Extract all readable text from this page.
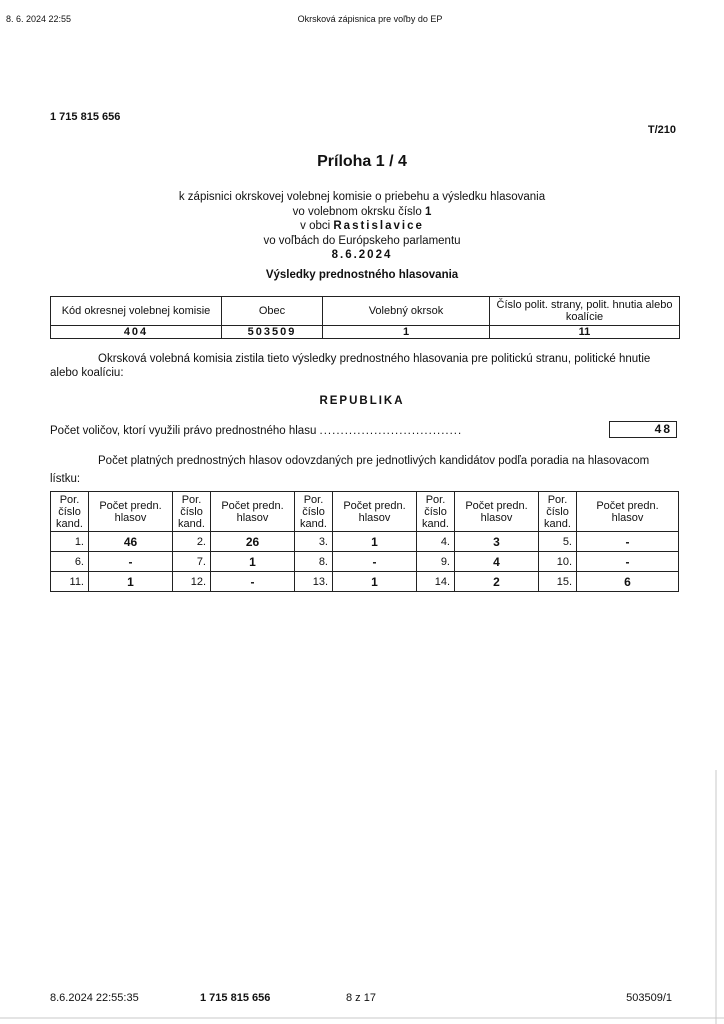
8. 6. 2024 22:55	Okrsková zápisnica pre voľby do EP
1 715 815 656
T/210
Príloha 1 / 4
k zápisnici okrskovej volebnej komisie o priebehu a výsledku hlasovania
vo volebnom okrsku číslo 1
v obci Rastislavice
vo voľbách do Európskeho parlamentu
8.6.2024
Výsledky prednostného hlasovania
Kód okresnej volebnej komisie	Obec	Volebný okrsok	Číslo polit. strany, polit. hnutia alebo koalície
404	503509	1	11
Okrsková volebná komisia zistila tieto výsledky prednostného hlasovania pre politickú stranu, politické hnutie alebo koalíciu:
REPUBLIKA
Počet voličov, ktorí využili právo prednostného hlasu ..................................	48
Počet platných prednostných hlasov odovzdaných pre jednotlivých kandidátov podľa poradia na hlasovacom lístku:
Por. číslo kand.	Počet predn. hlasov	Por. číslo kand.	Počet predn. hlasov	Por. číslo kand.	Počet predn. hlasov	Por. číslo kand.	Počet predn. hlasov	Por. číslo kand.	Počet predn. hlasov
1.	46	2.	26	3.	1	4.	3	5.	-
6.	-	7.	1	8.	-	9.	4	10.	-
11.	1	12.	-	13.	1	14.	2	15.	6
8.6.2024 22:55:35	1 715 815 656	8 z 17	503509/1
